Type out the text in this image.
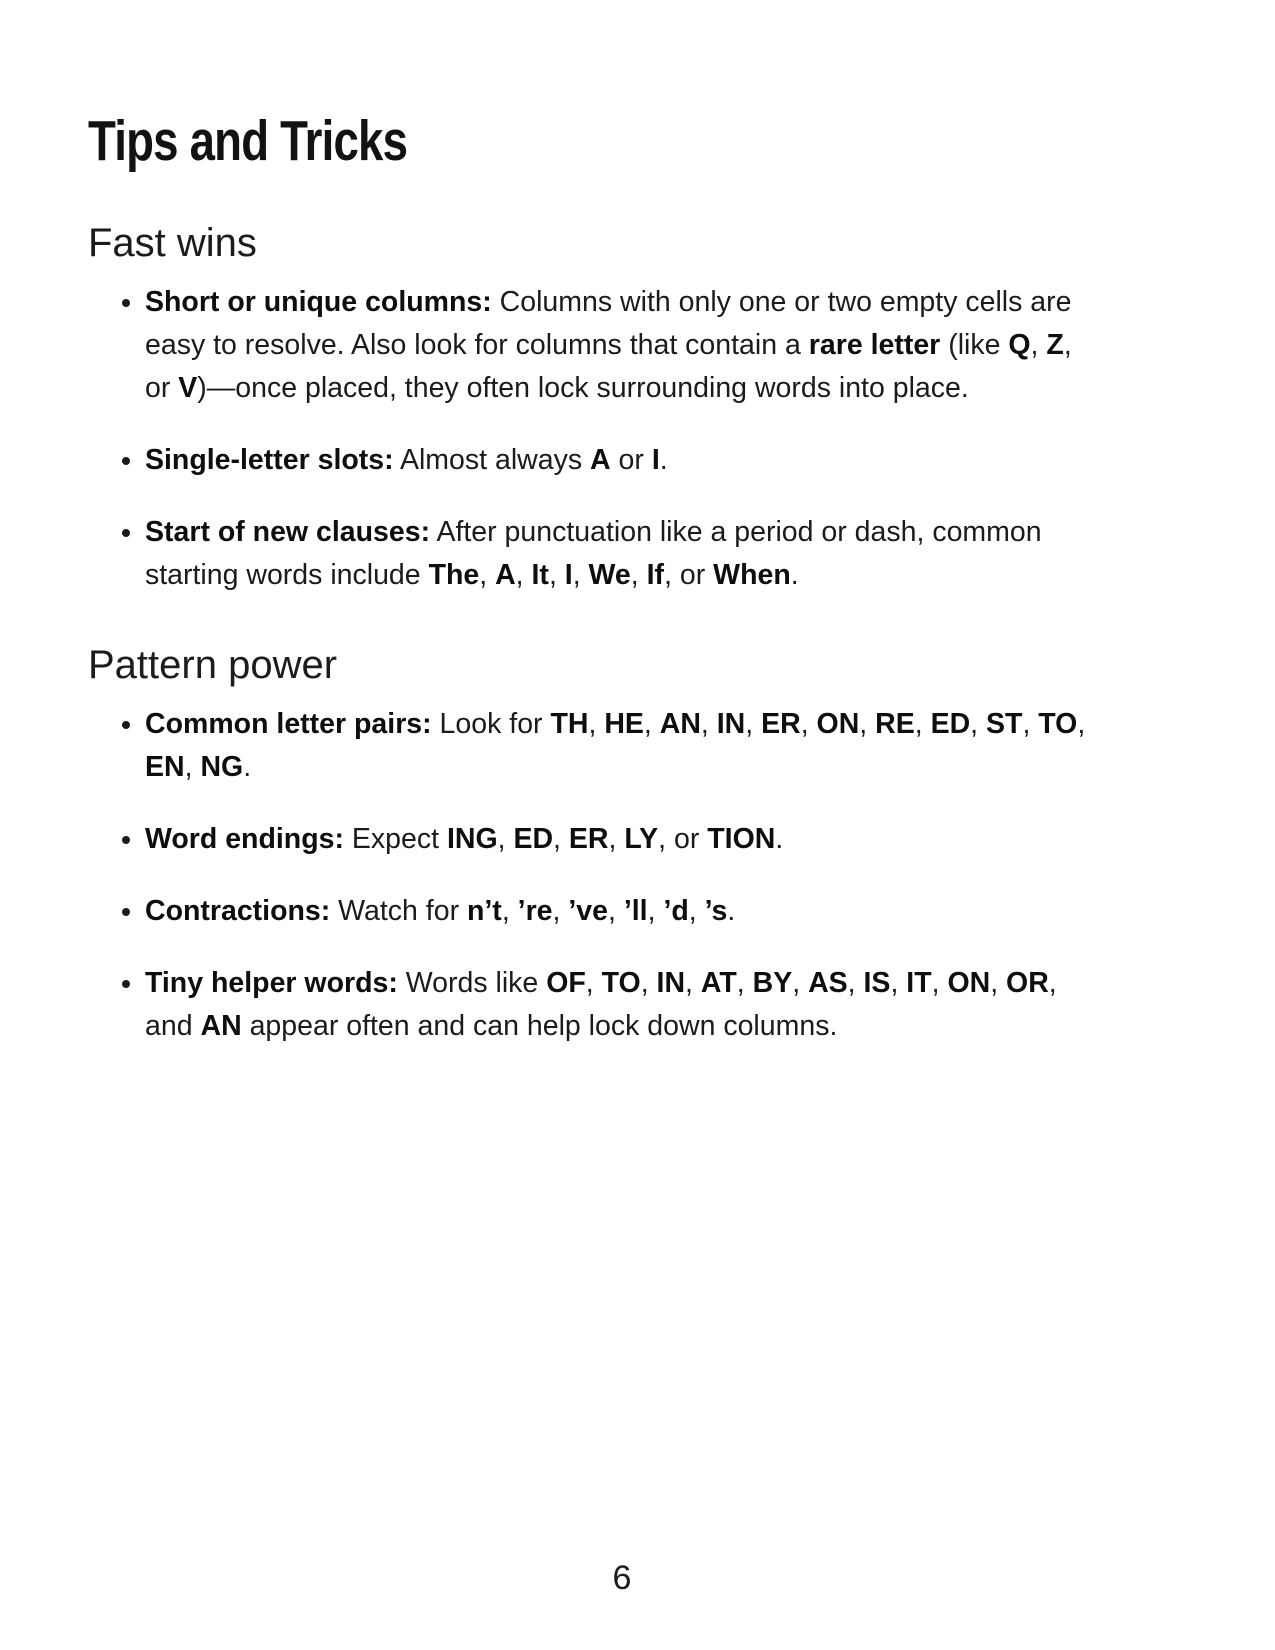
Tips and Tricks
Fast wins
• Short or unique columns: Columns with only one or two empty cells are easy to resolve. Also look for columns that contain a rare letter (like Q, Z, or V)—once placed, they often lock surrounding words into place.
• Single-letter slots: Almost always A or I.
• Start of new clauses: After punctuation like a period or dash, common starting words include The, A, It, I, We, If, or When.
Pattern power
• Common letter pairs: Look for TH, HE, AN, IN, ER, ON, RE, ED, ST, TO, EN, NG.
• Word endings: Expect ING, ED, ER, LY, or TION.
• Contractions: Watch for n’t, ’re, ’ve, ’ll, ’d, ’s.
• Tiny helper words: Words like OF, TO, IN, AT, BY, AS, IS, IT, ON, OR, and AN appear often and can help lock down columns.
6
